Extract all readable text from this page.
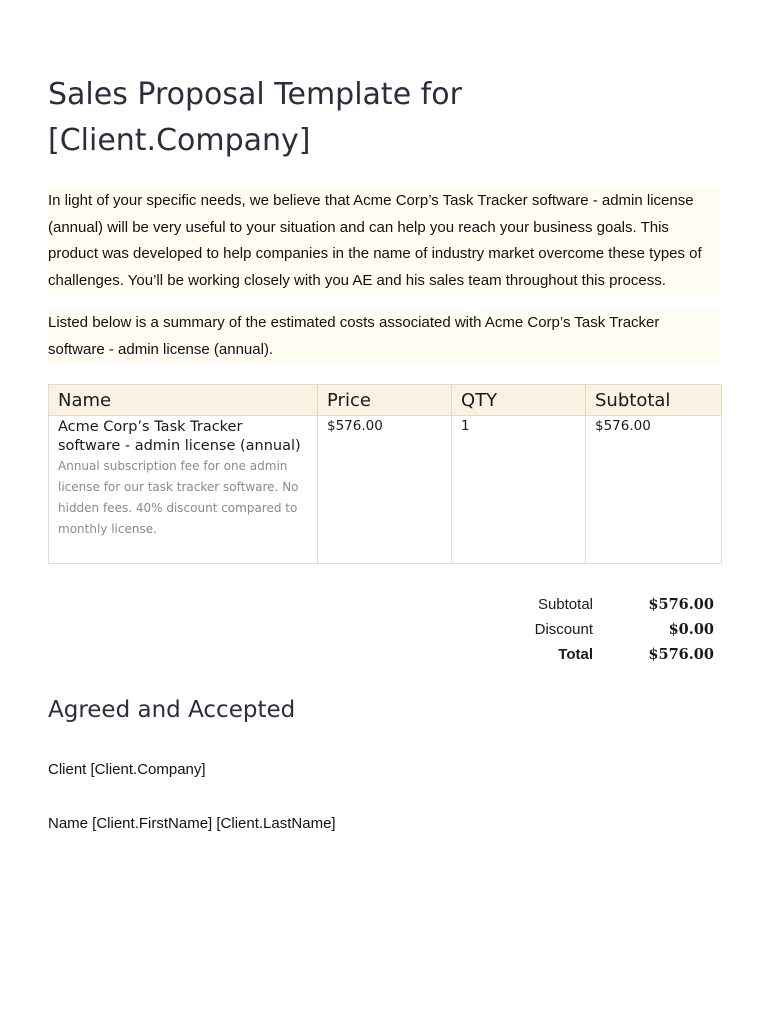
Sales Proposal Template for [Client.Company]

In light of your specific needs, we believe that Acme Corp’s Task Tracker software - admin license (annual) will be very useful to your situation and can help you reach your business goals. This product was developed to help companies in the name of industry market overcome these types of challenges. You’ll be working closely with you AE and his sales team throughout this process.

Listed below is a summary of the estimated costs associated with Acme Corp’s Task Tracker software - admin license (annual).

Name	Price	QTY	Subtotal

Acme Corp’s Task Tracker software - admin license (annual)
Annual subscription fee for one admin license for our task tracker software. No hidden fees. 40% discount compared to monthly license.	$576.00	1	$576.00
Subtotal	$576.00
Discount	$0.00
Total	$576.00
Agreed and Accepted
Client [Client.Company]
Name [Client.FirstName] [Client.LastName]
